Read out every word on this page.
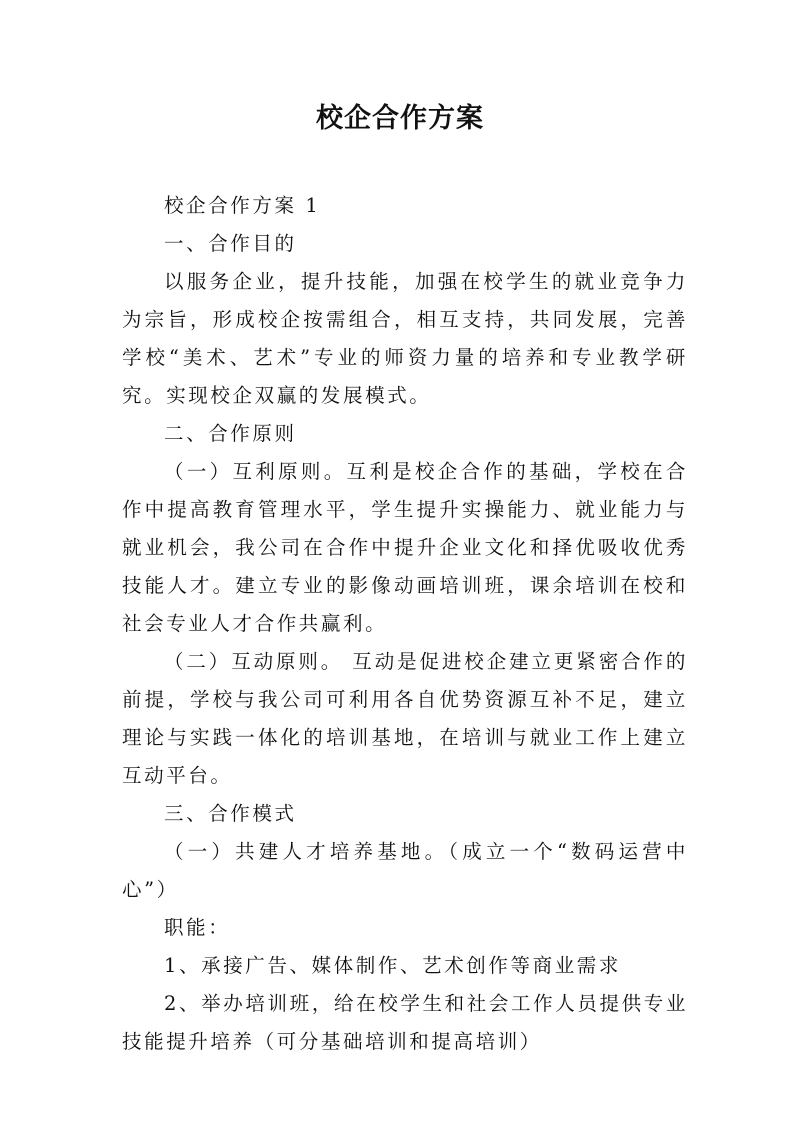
校企合作方案

校企合作方案 1

一、合作目的

以服务企业，提升技能，加强在校学生的就业竞争力为宗旨，形成校企按需组合，相互支持，共同发展，完善学校“美术、艺术”专业的师资力量的培养和专业教学研究。实现校企双赢的发展模式。

二、合作原则

（一）互利原则。互利是校企合作的基础，学校在合作中提高教育管理水平，学生提升实操能力、就业能力与就业机会，我公司在合作中提升企业文化和择优吸收优秀技能人才。建立专业的影像动画培训班，课余培训在校和社会专业人才合作共赢利。

（二）互动原则。 互动是促进校企建立更紧密合作的前提，学校与我公司可利用各自优势资源互补不足，建立理论与实践一体化的培训基地，在培训与就业工作上建立互动平台。

三、合作模式

（一）共建人才培养基地。（成立一个“数码运营中心”）

职能：

1、承接广告、媒体制作、艺术创作等商业需求

2、举办培训班，给在校学生和社会工作人员提供专业技能提升培养（可分基础培训和提高培训）
